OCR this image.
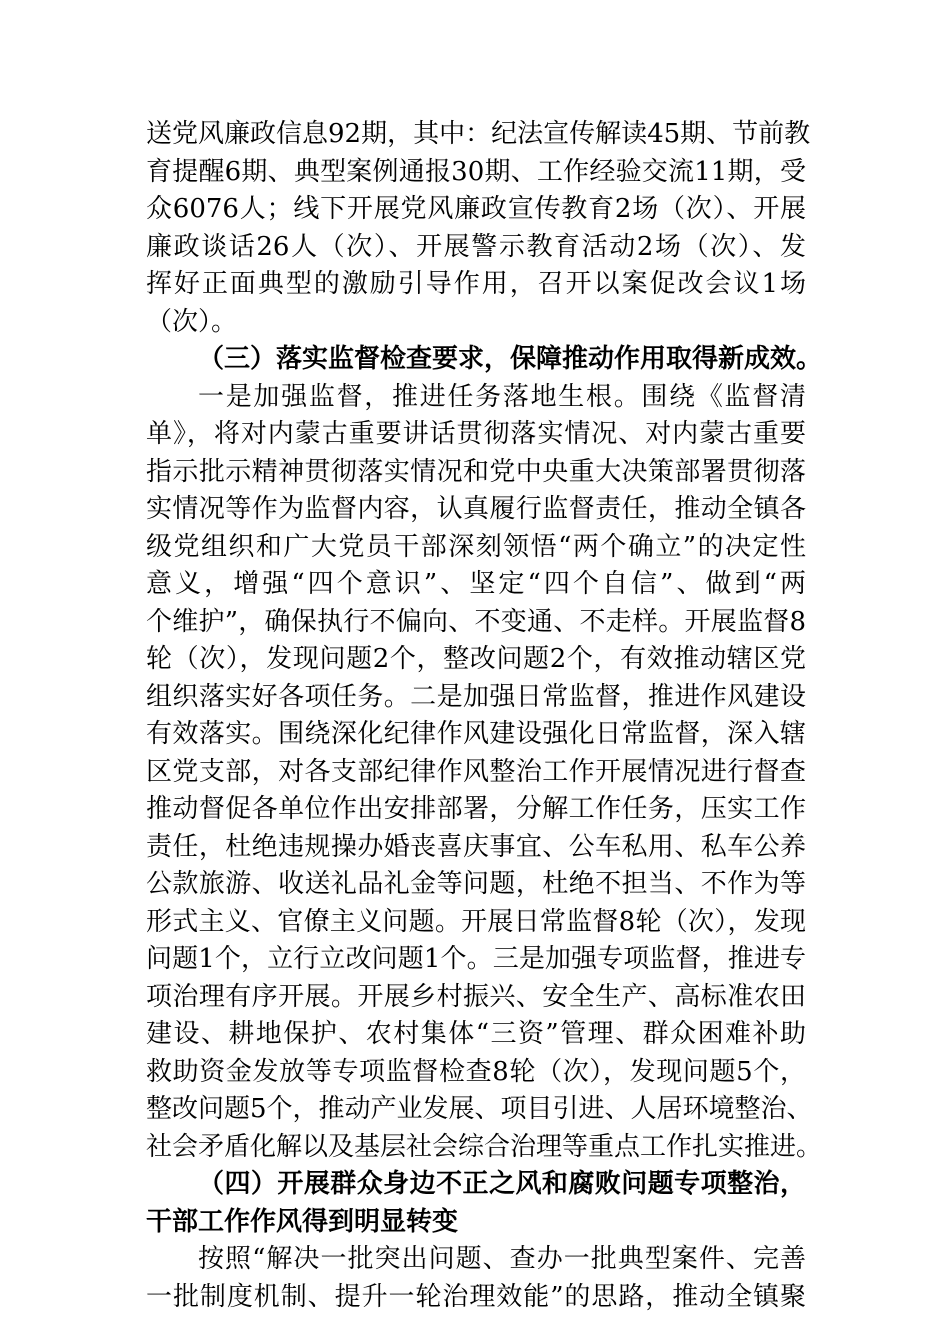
送党风廉政信息92期，其中：纪法宣传解读45期、节前教
育提醒6期、典型案例通报30期、工作经验交流11期，受
众6076人；线下开展党风廉政宣传教育2场（次）、开展
廉政谈话26人（次）、开展警示教育活动2场（次）、发
挥好正面典型的激励引导作用，召开以案促改会议1场
（次）。
（三）落实监督检查要求，保障推动作用取得新成效。
一是加强监督，推进任务落地生根。围绕《监督清
单》，将对内蒙古重要讲话贯彻落实情况、对内蒙古重要
指示批示精神贯彻落实情况和党中央重大决策部署贯彻落
实情况等作为监督内容，认真履行监督责任，推动全镇各
级党组织和广大党员干部深刻领悟“两个确立”的决定性
意义，增强“四个意识”、坚定“四个自信”、做到“两
个维护”，确保执行不偏向、不变通、不走样。开展监督8
轮（次），发现问题2个，整改问题2个，有效推动辖区党
组织落实好各项任务。二是加强日常监督，推进作风建设
有效落实。围绕深化纪律作风建设强化日常监督，深入辖
区党支部，对各支部纪律作风整治工作开展情况进行督查
推动督促各单位作出安排部署，分解工作任务，压实工作
责任，杜绝违规操办婚丧喜庆事宜、公车私用、私车公养
公款旅游、收送礼品礼金等问题，杜绝不担当、不作为等
形式主义、官僚主义问题。开展日常监督8轮（次），发现
问题1个，立行立改问题1个。三是加强专项监督，推进专
项治理有序开展。开展乡村振兴、安全生产、高标准农田
建设、耕地保护、农村集体“三资”管理、群众困难补助
救助资金发放等专项监督检查8轮（次），发现问题5个，
整改问题5个，推动产业发展、项目引进、人居环境整治、
社会矛盾化解以及基层社会综合治理等重点工作扎实推进。
（四）开展群众身边不正之风和腐败问题专项整治，
干部工作作风得到明显转变
按照“解决一批突出问题、查办一批典型案件、完善
一批制度机制、提升一轮治理效能”的思路，推动全镇聚
